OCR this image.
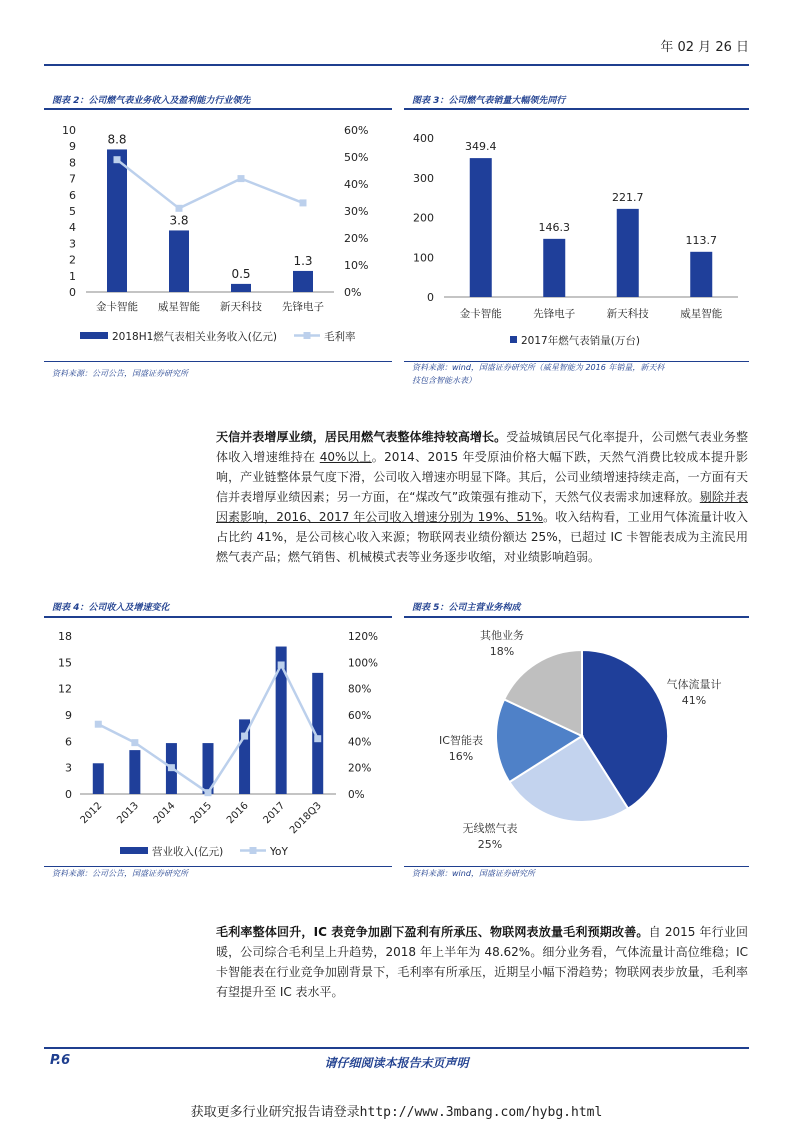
年 02 月 26 日
图表 2：公司燃气表业务收入及盈利能力行业领先
0
1
2
3
4
5
6
7
8
9
10
0%
10%
20%
30%
40%
50%
60%
8.8
金卡智能
3.8
威星智能
0.5
新天科技
1.3
先锋电子
2018H1燃气表相关业务收入(亿元)	毛利率
资料来源：公司公告，国盛证券研究所
图表 3：公司燃气表销量大幅领先同行
0
100
200
300
400
349.4
金卡智能
146.3
先锋电子
221.7
新天科技
113.7
威星智能
2017年燃气表销量(万台)
资料来源：wind，国盛证券研究所（威星智能为 2016 年销量，新天科
技包含智能水表）
天信并表增厚业绩，居民用燃气表整体维持较高增长。受益城镇居民气化率提升，公司燃气表业务整体收入增速维持在 40%以上。2014、2015 年受原油价格大幅下跌，天然气消费比较成本提升影响，产业链整体景气度下滑，公司收入增速亦明显下降。其后，公司业绩增速持续走高，一方面有天信并表增厚业绩因素；另一方面，在“煤改气”政策强有推动下，天然气仪表需求加速释放。剔除并表因素影响，2016、2017 年公司收入增速分别为 19%、51%。收入结构看，工业用气体流量计收入占比约 41%，是公司核心收入来源；物联网表业绩份额达 25%，已超过 IC 卡智能表成为主流民用燃气表产品；燃气销售、机械模式表等业务逐步收缩，对业绩影响趋弱。
图表 4：公司收入及增速变化
0
3
6
9
12
15
18
0%
20%
40%
60%
80%
100%
120%
2012 2013 2014 2015 2016 2017 2018Q3
营业收入(亿元)	YoY
资料来源：公司公告，国盛证券研究所
图表 5：公司主营业务构成
气体流量计
41%
无线燃气表
25%
IC智能表
16%
其他业务
18%
资料来源：wind，国盛证券研究所
毛利率整体回升，IC 表竞争加剧下盈利有所承压、物联网表放量毛利预期改善。自 2015 年行业回暖，公司综合毛利呈上升趋势，2018 年上半年为 48.62%。细分业务看，气体流量计高位维稳；IC 卡智能表在行业竞争加剧背景下，毛利率有所承压，近期呈小幅下滑趋势；物联网表步放量，毛利率有望提升至 IC 表水平。
P.6	请仔细阅读本报告末页声明
获取更多行业研究报告请登录http://www.3mbang.com/hybg.html
